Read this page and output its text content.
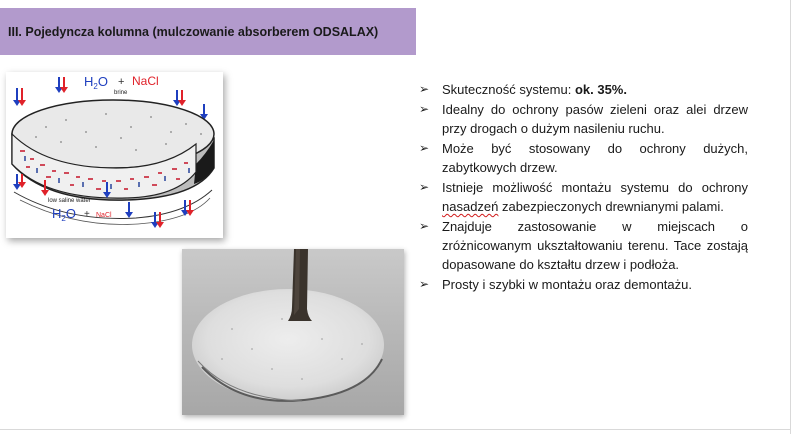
III. Pojedyncza kolumna (mulczowanie absorberem ODSALAX)
$H_2O$ + NaCl
brine
low saline water
$H_2O$ + NaCl
➢ Skuteczność systemu: ok. 35%.
➢ Idealny do ochrony pasów zieleni oraz alei drzew przy drogach o dużym nasileniu ruchu.
➢ Może być stosowany do ochrony dużych, zabytkowych drzew.
➢ Istnieje możliwość montażu systemu do ochrony nasadzeń zabezpieczonych drewnianymi palami.
➢ Znajduje zastosowanie w miejscach o zróżnicowanym ukształtowaniu terenu. Tace zostają dopasowane do kształtu drzew i podłoża.
➢ Prosty i szybki w montażu oraz demontażu.
